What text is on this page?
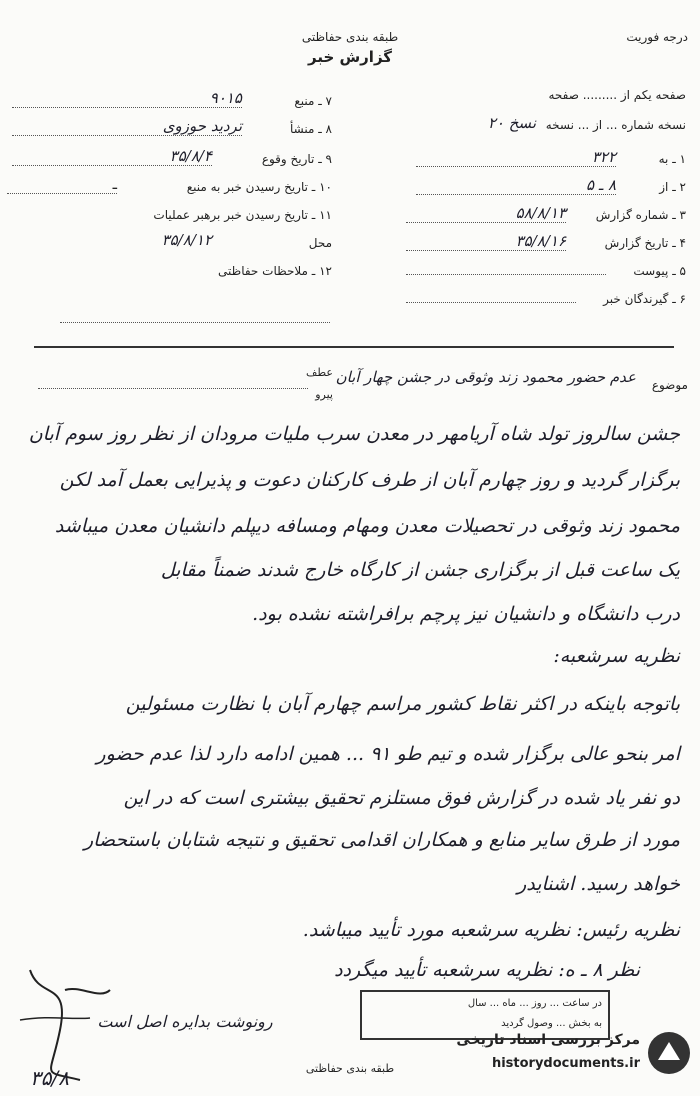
طبقه بندی حفاظتی
گزارش خبر
درجه فوریت
صفحه یکم از ......... صفحه
نسخه شماره ... از ... نسخه
نسخ ۲۰
۱ ـ به
۳۲۲
۲ ـ از
۸ ـ ۵
۳ ـ شماره گزارش
۵۸/۸/۱۳
۴ ـ تاریخ گزارش
۳۵/۸/۱۶
۵ ـ پیوست
۶ ـ گیرندگان خبر
۷ ـ منبع
۹۰۱۵
۸ ـ منشأ
تردید حوزوی
۹ ـ تاریخ وقوع
۳۵/۸/۴
۱۰ ـ تاریخ رسیدن خبر به منبع
ـ
۱۱ ـ تاریخ رسیدن خبر برهبر عملیات
محل
۳۵/۸/۱۲
۱۲ ـ ملاحظات حفاظتی
موضوع
عدم حضور محمود زند وثوقی در جشن چهار آبان
عطف
پیرو
جشن سالروز تولد شاه آریامهر در معدن سرب ملیات مرودان از نظر روز سوم آبان
برگزار گردید و روز چهارم آبان از طرف کارکنان دعوت و پذیرایی بعمل آمد لکن
محمود زند وثوقی در تحصیلات معدن ومهام ومسافه دیپلم دانشیان معدن میباشد
یک ساعت قبل از برگزاری جشن از کارگاه خارج شدند ضمناً مقابل
درب دانشگاه و دانشیان نیز پرچم برافراشته نشده بود.
نظریه سرشعبه:
باتوجه باینکه در اکثر نقاط کشور مراسم چهارم آبان با نظارت مسئولین
امر بنحو عالی برگزار شده و تیم طو ۹۱ ... همین ادامه دارد لذا عدم حضور
دو نفر یاد شده در گزارش فوق مستلزم تحقیق بیشتری است که در این
مورد از طرق سایر منابع و همکاران اقدامی تحقیق و نتیجه شتابان باستحضار
خواهد رسید. اشنایدر
نظریه رئیس: نظریه سرشعبه مورد تأیید میباشد.
نظر ۸ ـ ه: نظریه سرشعبه تأیید میگردد
رونوشت بدایره اصل است
۳۵/۸
در ساعت ... روز ... ماه ... سال
به بخش ... وصول گردید
طبقه بندی حفاظتی
مرکز بررسی اسناد تاریخی
historydocuments.ir
